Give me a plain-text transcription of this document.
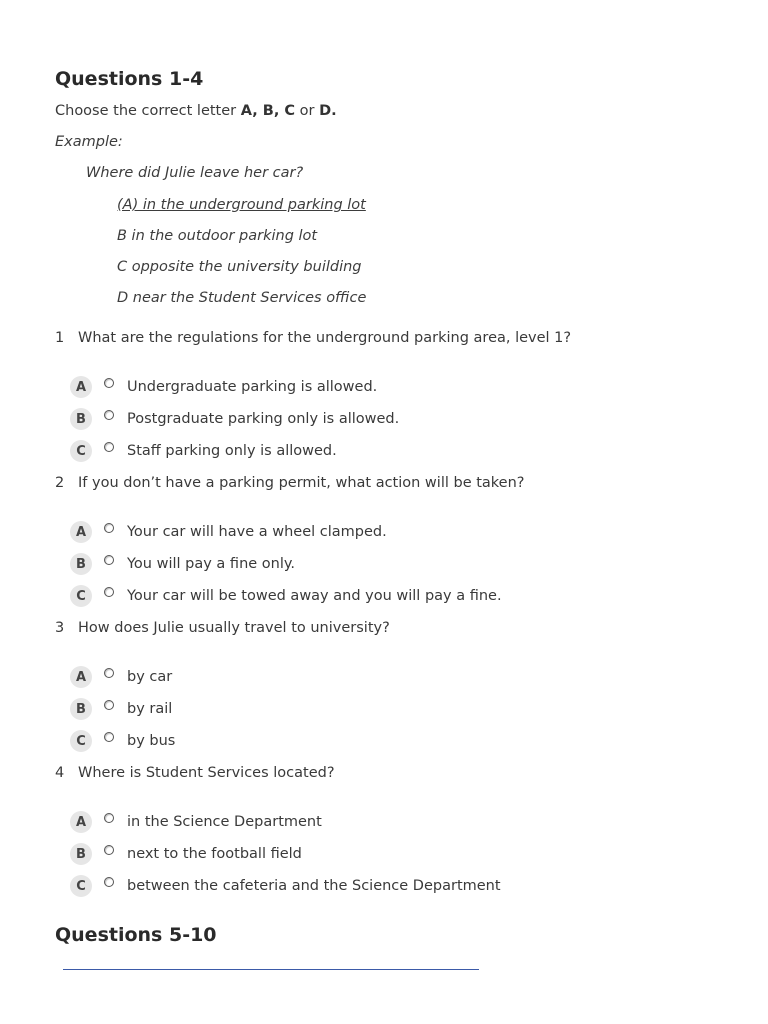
Questions 1-4
Choose the correct letter A, B, C or D.
Example:
Where did Julie leave her car?
(A) in the underground parking lot
B in the outdoor parking lot
C opposite the university building
D near the Student Services office
1 What are the regulations for the underground parking area, level 1?
A	Undergraduate parking is allowed.
B	Postgraduate parking only is allowed.
C	Staff parking only is allowed.
2 If you don’t have a parking permit, what action will be taken?
A	Your car will have a wheel clamped.
B	You will pay a fine only.
C	Your car will be towed away and you will pay a fine.
3 How does Julie usually travel to university?
A	by car
B	by rail
C	by bus
4 Where is Student Services located?
A	in the Science Department
B	next to the football field
C	between the cafeteria and the Science Department
Questions 5-10
